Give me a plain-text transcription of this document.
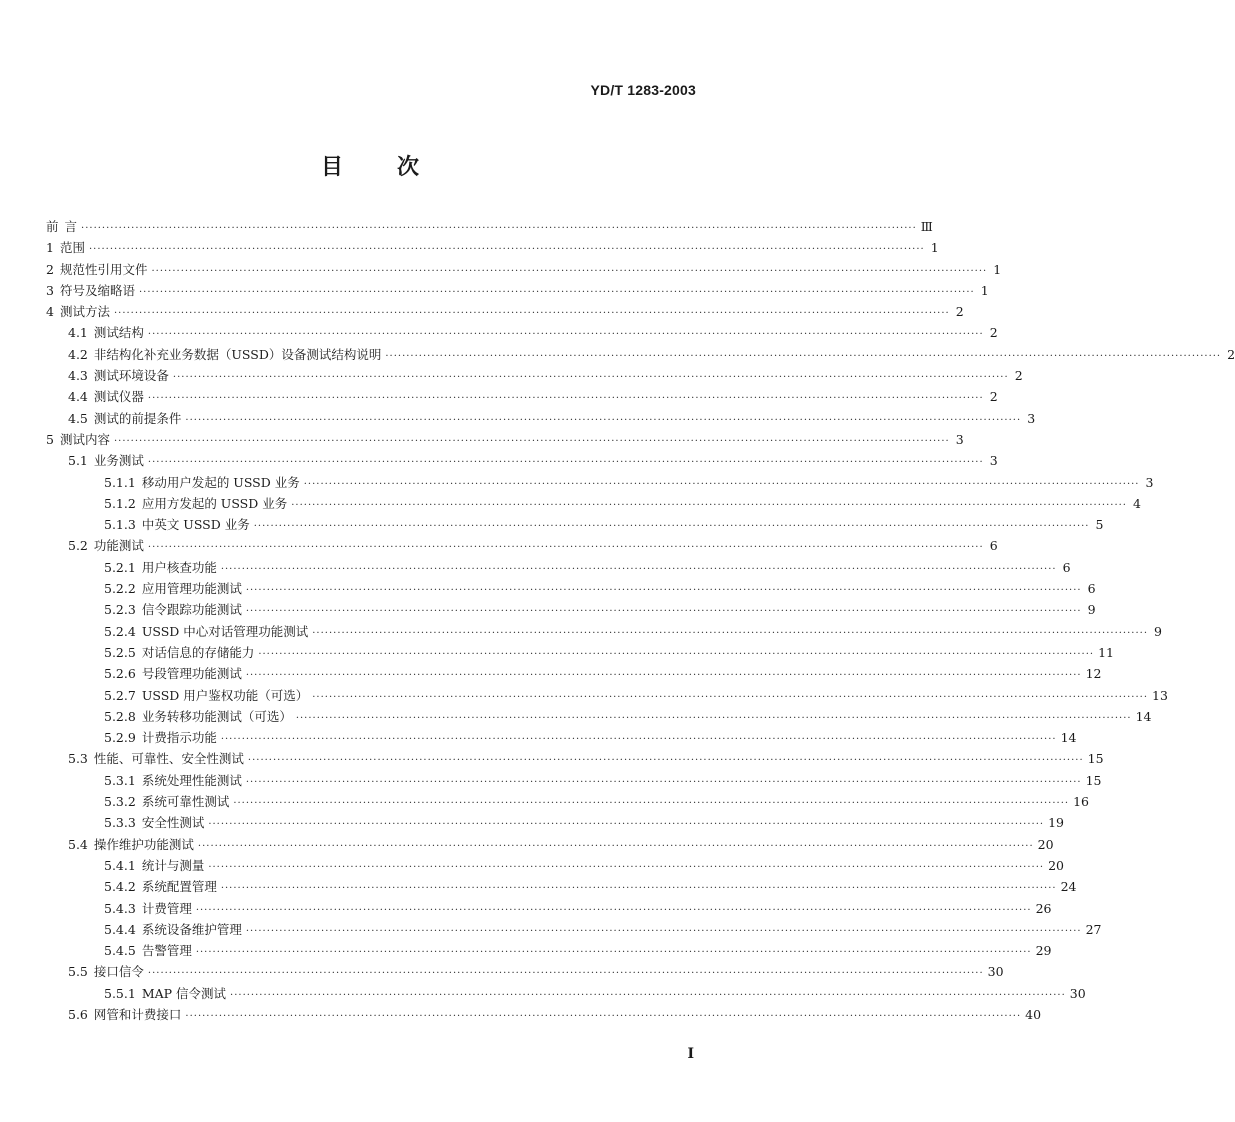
YD/T 1283-2003
目 次
前 言 ········································································································································································································ Ⅲ
1 范围 ········································································································································································································ 1
2 规范性引用文件 ········································································································································································································ 1
3 符号及缩略语 ········································································································································································································ 1
4 测试方法 ········································································································································································································ 2
4.1 测试结构 ········································································································································································································ 2
4.2 非结构化补充业务数据（USSD）设备测试结构说明 ········································································································································································································ 2
4.3 测试环境设备 ········································································································································································································ 2
4.4 测试仪器 ········································································································································································································ 2
4.5 测试的前提条件 ········································································································································································································ 3
5 测试内容 ········································································································································································································ 3
5.1 业务测试 ········································································································································································································ 3
5.1.1 移动用户发起的 USSD 业务 ········································································································································································································ 3
5.1.2 应用方发起的 USSD 业务 ········································································································································································································ 4
5.1.3 中英文 USSD 业务 ········································································································································································································ 5
5.2 功能测试 ········································································································································································································ 6
5.2.1 用户核查功能 ········································································································································································································ 6
5.2.2 应用管理功能测试 ········································································································································································································ 6
5.2.3 信令跟踪功能测试 ········································································································································································································ 9
5.2.4 USSD 中心对话管理功能测试 ········································································································································································································ 9
5.2.5 对话信息的存储能力 ········································································································································································································ 11
5.2.6 号段管理功能测试 ········································································································································································································ 12
5.2.7 USSD 用户鉴权功能（可选） ········································································································································································································ 13
5.2.8 业务转移功能测试（可选） ········································································································································································································ 14
5.2.9 计费指示功能 ········································································································································································································ 14
5.3 性能、可靠性、安全性测试 ········································································································································································································ 15
5.3.1 系统处理性能测试 ········································································································································································································ 15
5.3.2 系统可靠性测试 ········································································································································································································ 16
5.3.3 安全性测试 ········································································································································································································ 19
5.4 操作维护功能测试 ········································································································································································································ 20
5.4.1 统计与测量 ········································································································································································································ 20
5.4.2 系统配置管理 ········································································································································································································ 24
5.4.3 计费管理 ········································································································································································································ 26
5.4.4 系统设备维护管理 ········································································································································································································ 27
5.4.5 告警管理 ········································································································································································································ 29
5.5 接口信令 ········································································································································································································ 30
5.5.1 MAP 信令测试 ········································································································································································································ 30
5.6 网管和计费接口 ········································································································································································································ 40
I
